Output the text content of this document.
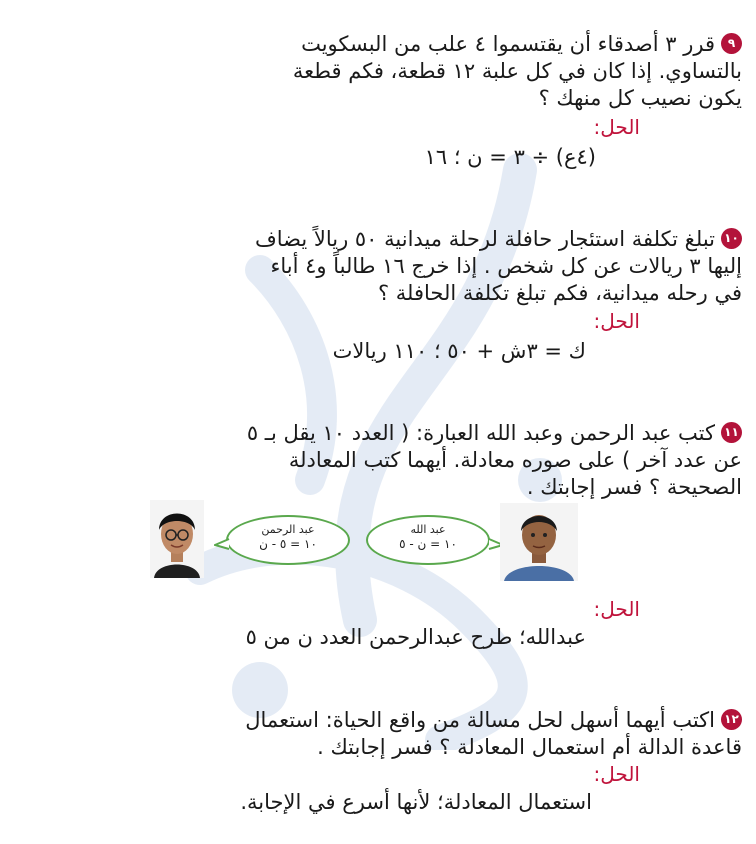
٩قرر ٣ أصدقاء أن يقتسموا ٤ علب من البسكويت
بالتساوي. إذا كان في كل علبة ١٢ قطعة، فكم قطعة
يكون نصيب كل منهك ؟
الحل:
(٤ع) ÷ ٣ = ن ؛ ١٦
١٠تبلغ تكلفة استئجار حافلة لرحلة ميدانية ٥٠ ريالاً يضاف
إليها ٣ ريالات عن كل شخص . إذا خرج ١٦ طالباً و٤ أباء
في رحله ميدانية، فكم تبلغ تكلفة الحافلة ؟
الحل:
ك = ٣ش + ٥٠ ؛ ١١٠ ريالات
١١كتب عبد الرحمن وعبد الله العبارة: ( العدد ١٠ يقل بـ ٥
عن عدد آخر ) على صوره معادلة. أيهما كتب المعادلة
الصحيحة ؟ فسر إجابتك .
عبد الرحمن
١٠ = ٥ - ن
عبد الله
١٠ = ن - ٥
الحل:
عبدالله؛ طرح عبدالرحمن العدد ن من ٥
١٢اكتب أيهما أسهل لحل مسالة من واقع الحياة: استعمال
قاعدة الدالة أم استعمال المعادلة ؟ فسر إجابتك .
الحل:
استعمال المعادلة؛ لأنها أسرع في الإجابة.
